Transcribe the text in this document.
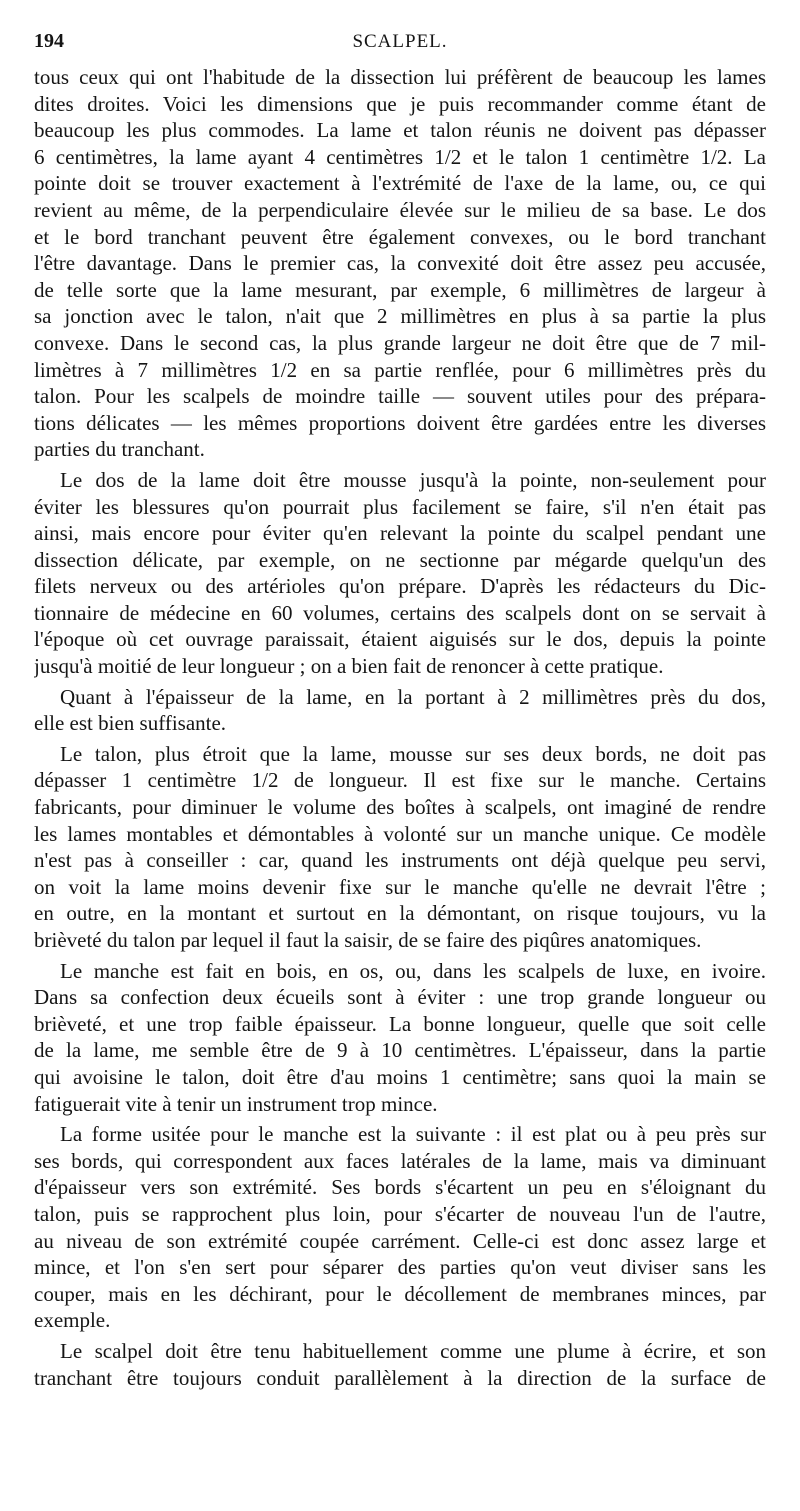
194	SCALPEL.
tous ceux qui ont l'habitude de la dissection lui préfèrent de beaucoup les lames
dites droites. Voici les dimensions que je puis recommander comme étant de
beaucoup les plus commodes. La lame et talon réunis ne doivent pas dépasser
6 centimètres, la lame ayant 4 centimètres 1/2 et le talon 1 centimètre 1/2. La
pointe doit se trouver exactement à l'extrémité de l'axe de la lame, ou, ce qui
revient au même, de la perpendiculaire élevée sur le milieu de sa base. Le dos
et le bord tranchant peuvent être également convexes, ou le bord tranchant
l'être davantage. Dans le premier cas, la convexité doit être assez peu accusée,
de telle sorte que la lame mesurant, par exemple, 6 millimètres de largeur à
sa jonction avec le talon, n'ait que 2 millimètres en plus à sa partie la plus
convexe. Dans le second cas, la plus grande largeur ne doit être que de 7 mil-
limètres à 7 millimètres 1/2 en sa partie renflée, pour 6 millimètres près du
talon. Pour les scalpels de moindre taille — souvent utiles pour des prépara-
tions délicates — les mêmes proportions doivent être gardées entre les diverses
parties du tranchant.
Le dos de la lame doit être mousse jusqu'à la pointe, non-seulement pour
éviter les blessures qu'on pourrait plus facilement se faire, s'il n'en était pas
ainsi, mais encore pour éviter qu'en relevant la pointe du scalpel pendant une
dissection délicate, par exemple, on ne sectionne par mégarde quelqu'un des
filets nerveux ou des artérioles qu'on prépare. D'après les rédacteurs du Dic-
tionnaire de médecine en 60 volumes, certains des scalpels dont on se servait à
l'époque où cet ouvrage paraissait, étaient aiguisés sur le dos, depuis la pointe
jusqu'à moitié de leur longueur ; on a bien fait de renoncer à cette pratique.
Quant à l'épaisseur de la lame, en la portant à 2 millimètres près du dos,
elle est bien suffisante.
Le talon, plus étroit que la lame, mousse sur ses deux bords, ne doit pas
dépasser 1 centimètre 1/2 de longueur. Il est fixe sur le manche. Certains
fabricants, pour diminuer le volume des boîtes à scalpels, ont imaginé de rendre
les lames montables et démontables à volonté sur un manche unique. Ce modèle
n'est pas à conseiller : car, quand les instruments ont déjà quelque peu servi,
on voit la lame moins devenir fixe sur le manche qu'elle ne devrait l'être ;
en outre, en la montant et surtout en la démontant, on risque toujours, vu la
brièveté du talon par lequel il faut la saisir, de se faire des piqûres anatomiques.
Le manche est fait en bois, en os, ou, dans les scalpels de luxe, en ivoire.
Dans sa confection deux écueils sont à éviter : une trop grande longueur ou
brièveté, et une trop faible épaisseur. La bonne longueur, quelle que soit celle
de la lame, me semble être de 9 à 10 centimètres. L'épaisseur, dans la partie
qui avoisine le talon, doit être d'au moins 1 centimètre; sans quoi la main se
fatiguerait vite à tenir un instrument trop mince.
La forme usitée pour le manche est la suivante : il est plat ou à peu près sur
ses bords, qui correspondent aux faces latérales de la lame, mais va diminuant
d'épaisseur vers son extrémité. Ses bords s'écartent un peu en s'éloignant du
talon, puis se rapprochent plus loin, pour s'écarter de nouveau l'un de l'autre,
au niveau de son extrémité coupée carrément. Celle-ci est donc assez large et
mince, et l'on s'en sert pour séparer des parties qu'on veut diviser sans les
couper, mais en les déchirant, pour le décollement de membranes minces, par
exemple.
Le scalpel doit être tenu habituellement comme une plume à écrire, et son
tranchant être toujours conduit parallèlement à la direction de la surface de
